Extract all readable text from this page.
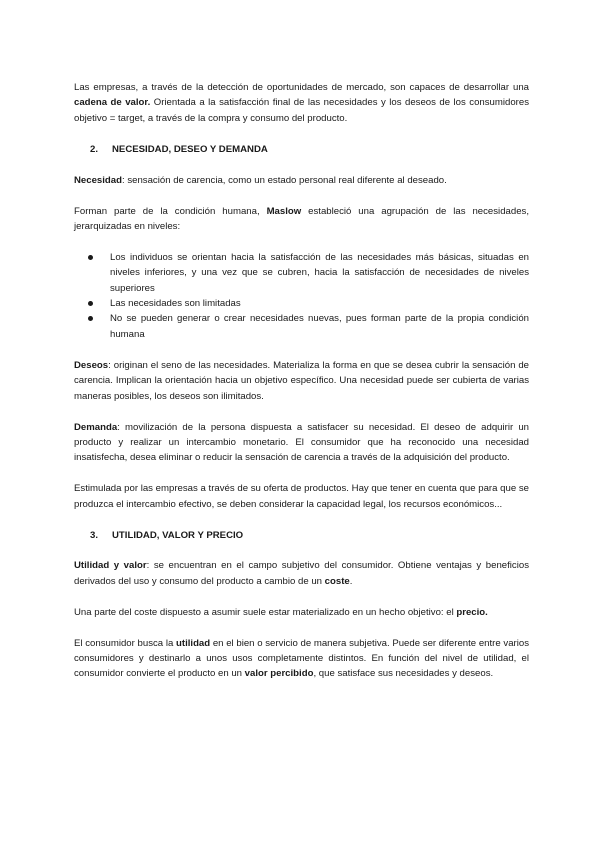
Las empresas, a través de la detección de oportunidades de mercado, son capaces de desarrollar una cadena de valor. Orientada a la satisfacción final de las necesidades y los deseos de los consumidores objetivo = target, a través de la compra y consumo del producto.

2. NECESIDAD, DESEO Y DEMANDA

Necesidad: sensación de carencia, como un estado personal real diferente al deseado.

Forman parte de la condición humana, Maslow estableció una agrupación de las necesidades, jerarquizadas en niveles:

Los individuos se orientan hacia la satisfacción de las necesidades más básicas, situadas en niveles inferiores, y una vez que se cubren, hacia la satisfacción de necesidades de niveles superiores
Las necesidades son limitadas
No se pueden generar o crear necesidades nuevas, pues forman parte de la propia condición humana

Deseos: originan el seno de las necesidades. Materializa la forma en que se desea cubrir la sensación de carencia. Implican la orientación hacia un objetivo específico. Una necesidad puede ser cubierta de varias maneras posibles, los deseos son ilimitados.

Demanda: movilización de la persona dispuesta a satisfacer su necesidad. El deseo de adquirir un producto y realizar un intercambio monetario. El consumidor que ha reconocido una necesidad insatisfecha, desea eliminar o reducir la sensación de carencia a través de la adquisición del producto.

Estimulada por las empresas a través de su oferta de productos. Hay que tener en cuenta que para que se produzca el intercambio efectivo, se deben considerar la capacidad legal, los recursos económicos...

3. UTILIDAD, VALOR Y PRECIO

Utilidad y valor: se encuentran en el campo subjetivo del consumidor. Obtiene ventajas y beneficios derivados del uso y consumo del producto a cambio de un coste.

Una parte del coste dispuesto a asumir suele estar materializado en un hecho objetivo: el precio.

El consumidor busca la utilidad en el bien o servicio de manera subjetiva. Puede ser diferente entre varios consumidores y destinarlo a unos usos completamente distintos. En función del nivel de utilidad, el consumidor convierte el producto en un valor percibido, que satisface sus necesidades y deseos.
